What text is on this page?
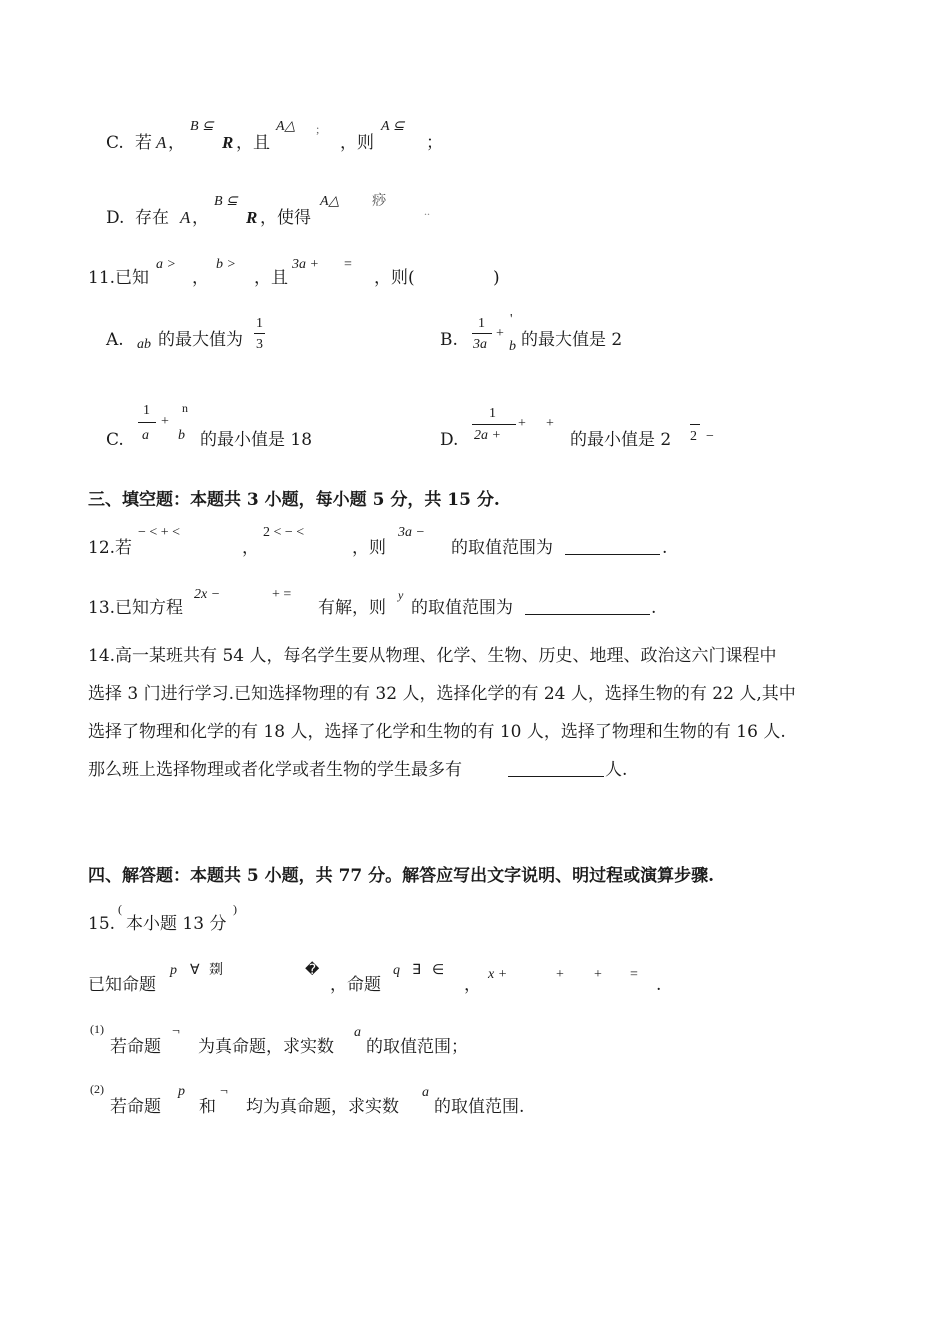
C. 若 A ，
B ⊆
R ，且
A△ ;
，则
A ⊆
；
D. 存在 A ，
B ⊆
R ，使得
A△ 痧
..
11.已知
a >
，
b >
，且
3a + =
，则(	)
A. ab 的最大值为
1
3	B.
1
3a
+
'
b 的最大值是 2
C.
1
a
+
n
b 的最小值是 18	D.
1
2a +
+ +
的最小值是 2 2 −
三、填空题：本题共 3 小题，每小题 5 分，共 15 分.
12.若
− < + <
，
2 < − <
，则
3a −
的取值范围为	.
13.已知方程
2x −	+ =
有解，则
y
的取值范围为	.
14.高一某班共有 54 人，每名学生要从物理、化学、生物、历史、地理、政治这六门课程中
选择 3 门进行学习.已知选择物理的有 32 人，选择化学的有 24 人，选择生物的有 22 人,其中
选择了物理和化学的有 18 人，选择了化学和生物的有 10 人，选择了物理和生物的有 16 人.
那么班上选择物理或者化学或者生物的学生最多有	人.
四、解答题：本题共 5 小题，共 77 分。解答应写出文字说明、明过程或演算步骤.
15.
(
本小题 13 分
)
已知命题
p ∀ 剟	�
，命题
q ∃ ∈
，
x +	+ + =
.
(1)
若命题
¬
为真命题，求实数
a
的取值范围；
(2)
若命题
p
和
¬
均为真命题，求实数
a
的取值范围.
